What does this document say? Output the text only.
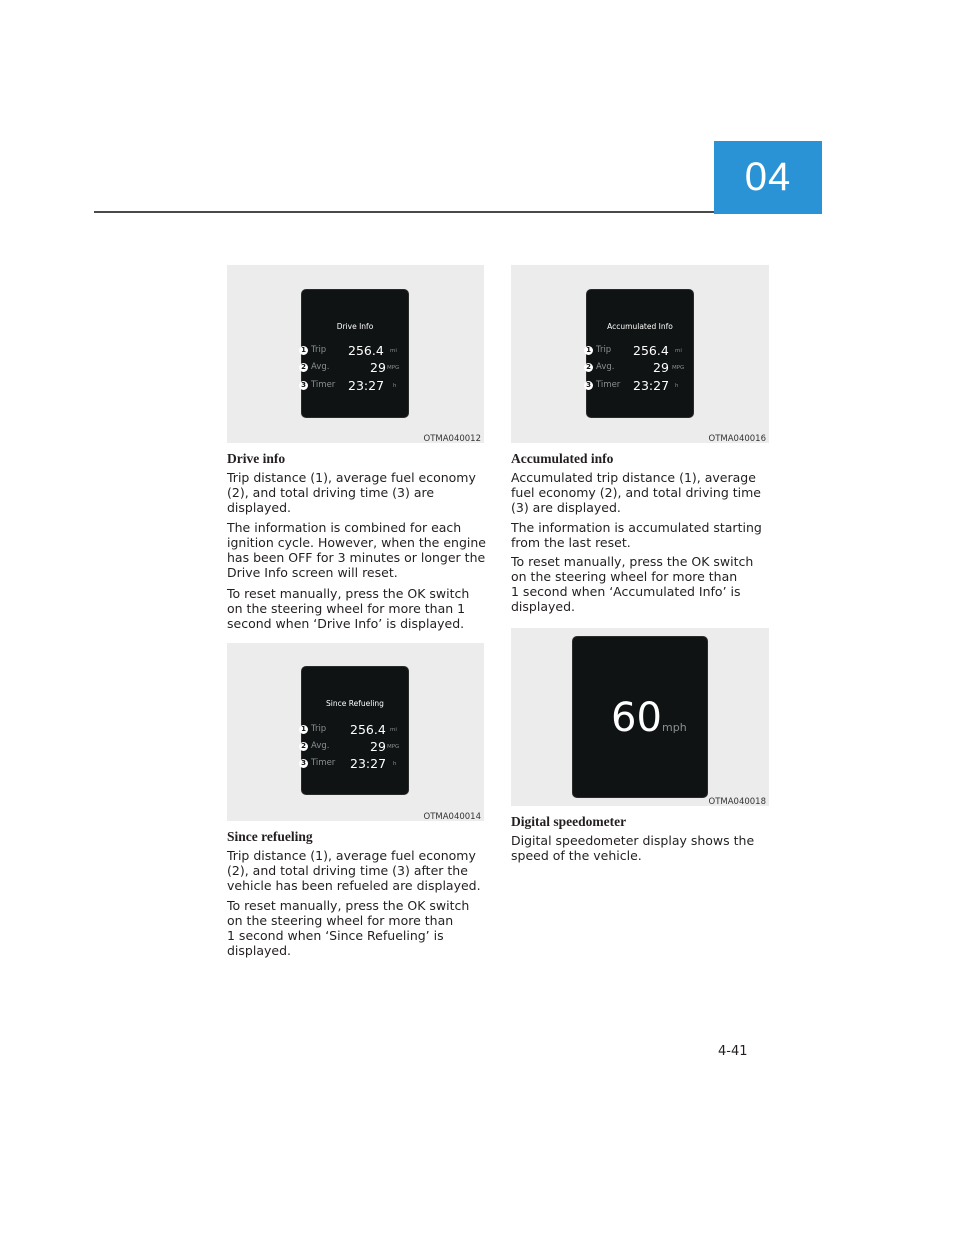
04
Drive Info
1 Trip 256.4 mi
2 Avg.	29 MPG
3 Timer 23:27 h
OTMA040012
Accumulated Info
1 Trip 256.4 mi
2 Avg.	29 MPG
3 Timer 23:27 h
OTMA040016
Drive info

Trip distance (1), average fuel economy
(2), and total driving time (3) are
displayed.

The information is combined for each
ignition cycle. However, when the engine
has been OFF for 3 minutes or longer the
Drive Info screen will reset.

To reset manually, press the OK switch
on the steering wheel for more than 1
second when ‘Drive Info’ is displayed.

Accumulated info

Accumulated trip distance (1), average
fuel economy (2), and total driving time
(3) are displayed.

The information is accumulated starting
from the last reset.

To reset manually, press the OK switch
on the steering wheel for more than
1 second when ‘Accumulated Info’ is
displayed.

Since Refueling
1 Trip 256.4 mi
2 Avg.	29 MPG
3 Timer 23:27 h
OTMA040014
60 mph
OTMA040018
Since refueling

Trip distance (1), average fuel economy
(2), and total driving time (3) after the
vehicle has been refueled are displayed.

To reset manually, press the OK switch
on the steering wheel for more than
1 second when ‘Since Refueling’ is
displayed.

Digital speedometer

Digital speedometer display shows the
speed of the vehicle.

4-41
